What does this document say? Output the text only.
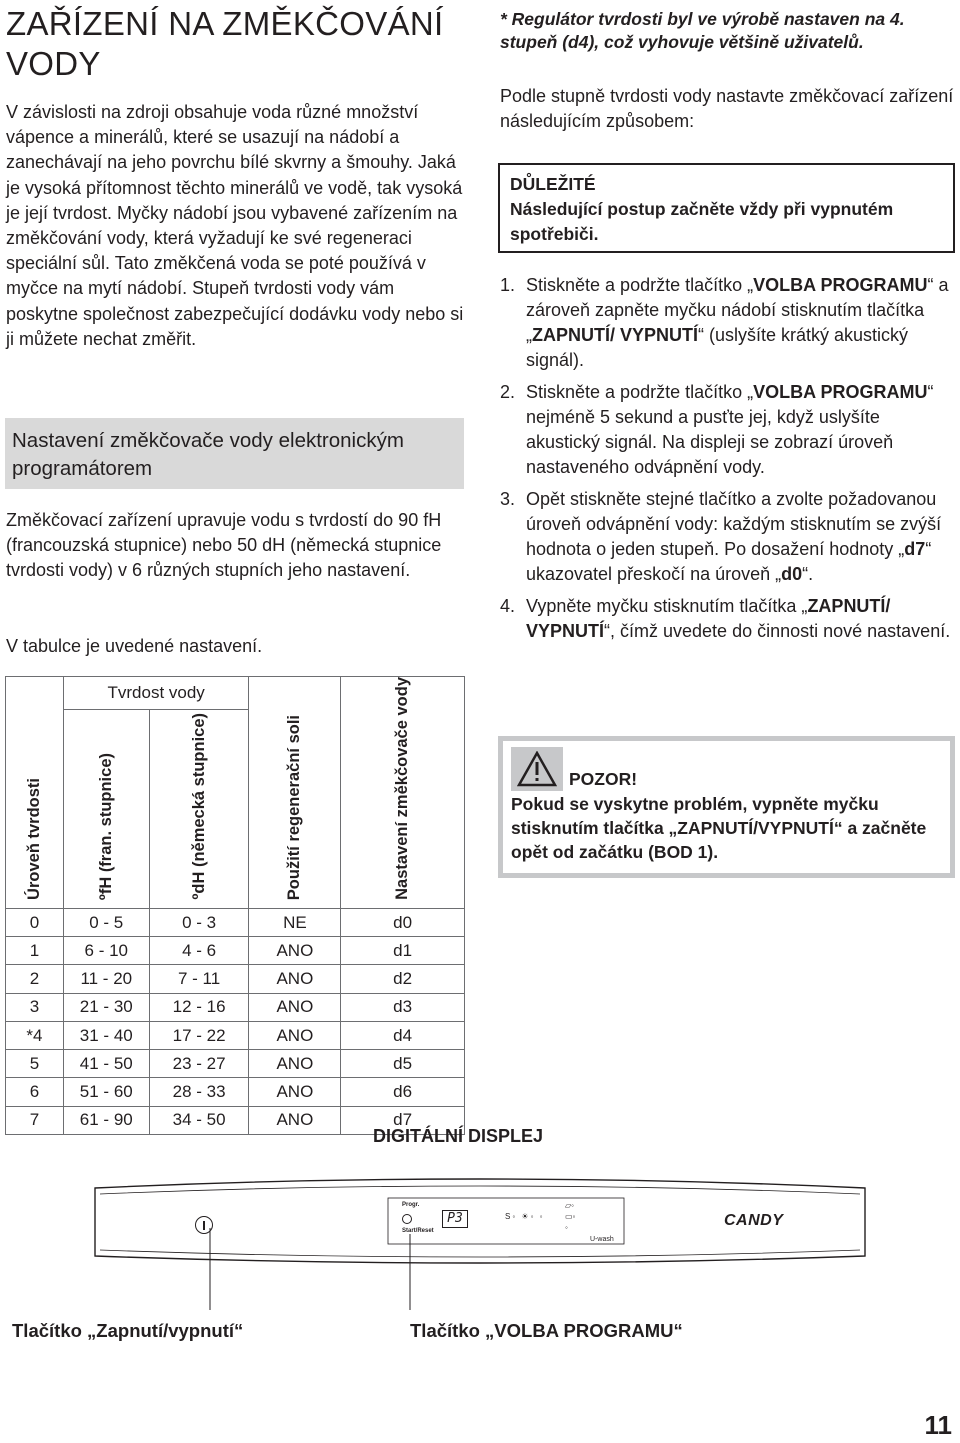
ZAŘÍZENÍ NA ZMĚKČOVÁNÍ VODY

V závislosti na zdroji obsahuje voda různé množství vápence a minerálů, které se usazují na nádobí a zanechávají na jeho povrchu bílé skvrny a šmouhy. Jaká je vysoká přítomnost těchto minerálů ve vodě, tak vysoká je její tvrdost. Myčky nádobí jsou vybavené zařízením na změkčování vody, která vyžadují ke své regeneraci speciální sůl. Tato změkčená voda se poté používá v myčce na mytí nádobí. Stupeň tvrdosti vody vám poskytne společnost zabezpečující dodávku vody nebo si ji můžete nechat změřit.

Nastavení změkčovače vody elektronickým programátorem

Změkčovací zařízení upravuje vodu s tvrdostí do 90 fH (francouzská stupnice) nebo 50 dH (německá stupnice tvrdosti vody) v 6 různých stupních jeho nastavení.

V tabulce je uvedené nastavení.

Úroveň tvrdosti	Tvrdost vody		Použití regenerační soli	Nastavení změkčovače vody

	ºfH (fran. stupnice)	ºdH (německá stupnice)		

0	0 - 5	0 - 3	NE	d0
1	6 - 10	4 - 6	ANO	d1
2	11 - 20	7 - 11	ANO	d2
3	21 - 30	12 - 16	ANO	d3
*4	31 - 40	17 - 22	ANO	d4
5	41 - 50	23 - 27	ANO	d5
6	51 - 60	28 - 33	ANO	d6
7	61 - 90	34 - 50	ANO	d7

* Regulátor tvrdosti byl ve výrobě nastaven na 4. stupeň (d4), což vyhovuje většině uživatelů.

Podle stupně tvrdosti vody nastavte změkčovací zařízení následujícím způsobem:

DŮLEŽITÉ
Následující postup začněte vždy při vypnutém spotřebiči.
1. Stiskněte a podržte tlačítko „VOLBA PROGRAMU“ a zároveň zapněte myčku nádobí stisknutím tlačítka „ZAPNUTÍ/ VYPNUTÍ“ (uslyšíte krátký akustický signál).
2. Stiskněte a podržte tlačítko „VOLBA PROGRAMU“ nejméně 5 sekund a pusťte jej, když uslyšíte akustický signál. Na displeji se zobrazí úroveň nastaveného odvápnění vody.
3. Opět stiskněte stejné tlačítko a zvolte požadovanou úroveň odvápnění vody: každým stisknutím se zvýší hodnota o jeden stupeň. Po dosažení hodnoty „d7“ ukazovatel přeskočí na úroveň „d0“.
4. Vypněte myčku stisknutím tlačítka „ZAPNUTÍ/ VYPNUTÍ“, čímž uvedete do činnosti nové nastavení.
POZOR!
Pokud se vyskytne problém, vypněte myčku stisknutím tlačítka „ZAPNUTÍ/VYPNUTÍ“ a začněte opět od začátku (BOD 1).
DIGITÁLNÍ DISPLEJ
Progr.
Start/Reset
P3	S◦ ☀◦ ◦
▱◦
▭◦
◦	CANDY
U-wash
Tlačítko „Zapnutí/vypnutí“	Tlačítko „VOLBA PROGRAMU“
11
